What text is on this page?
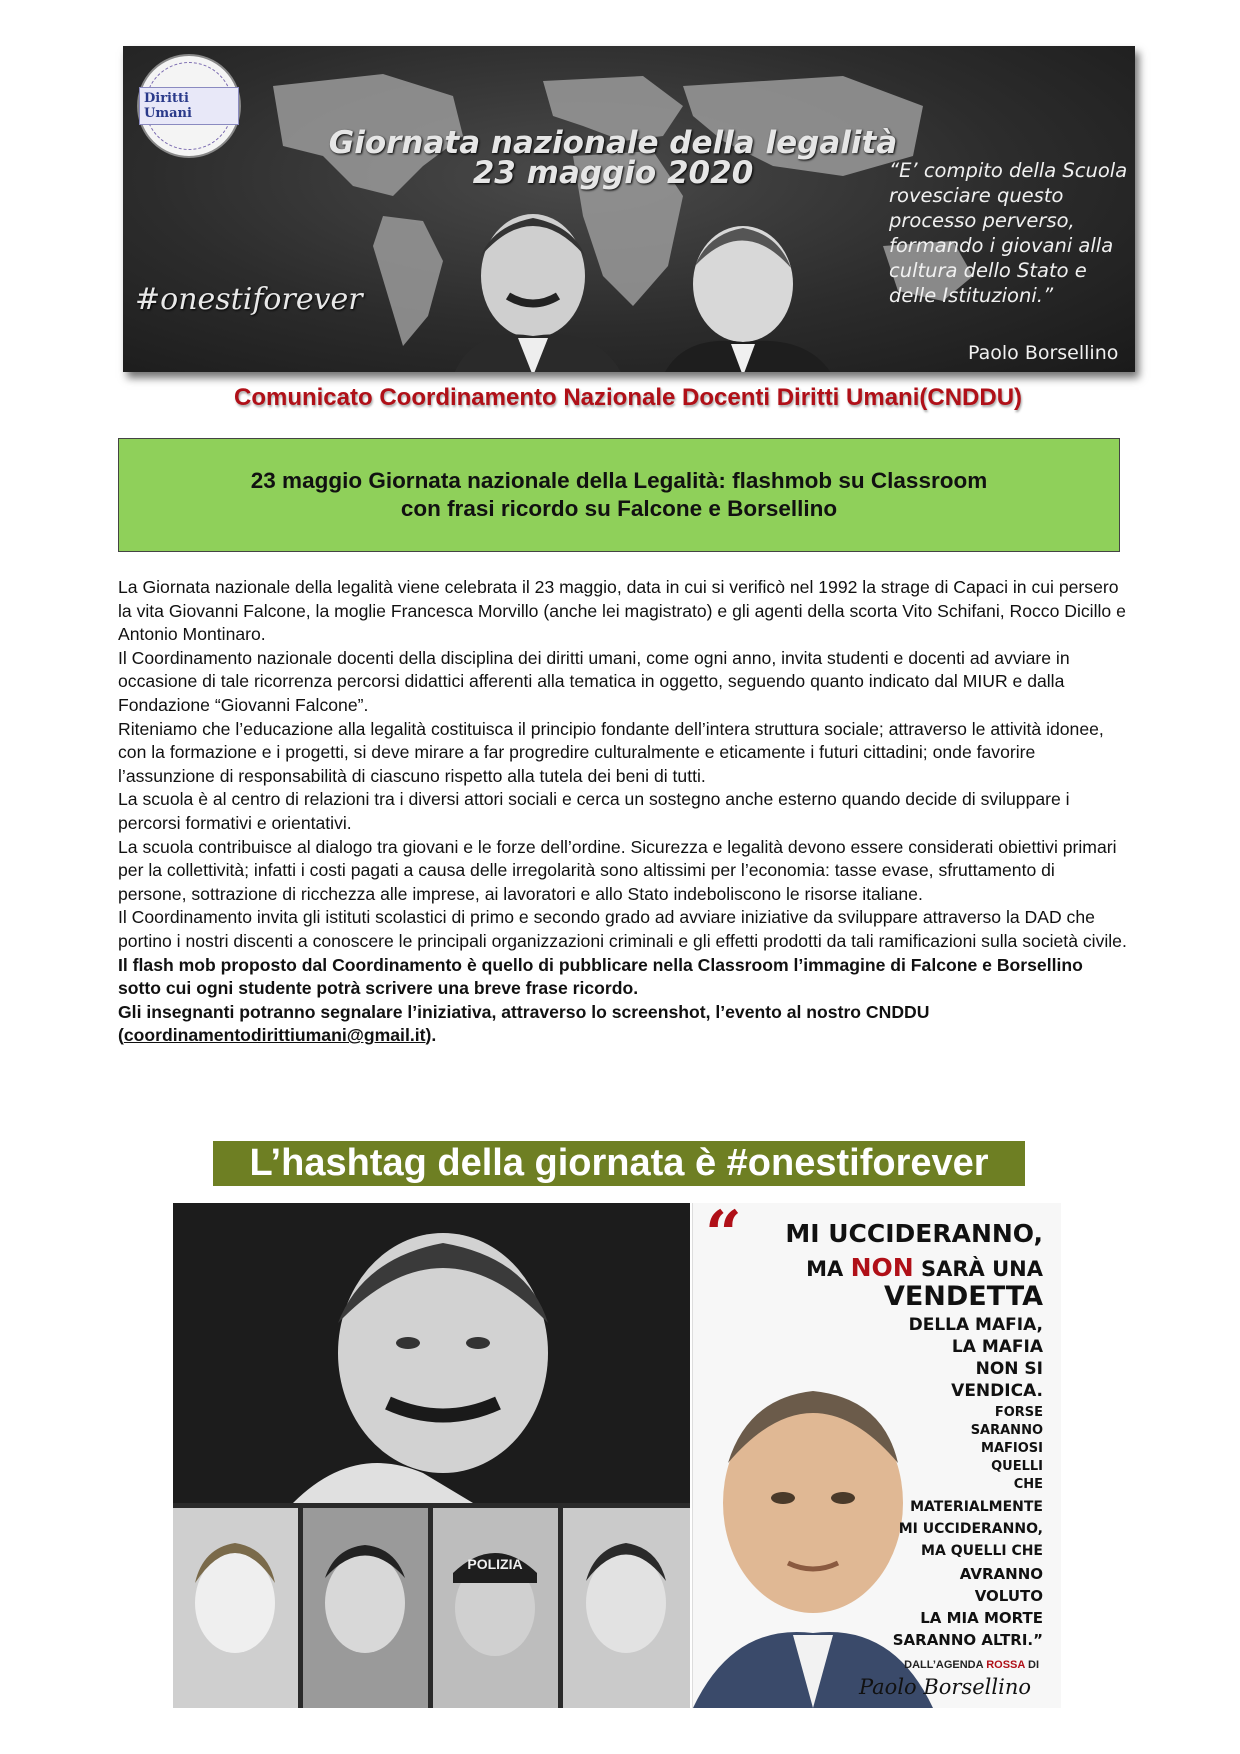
Diritti Umani
Giornata nazionale della legalità
23 maggio 2020
#onestiforever
“E’ compito della Scuola rovesciare questo processo perverso, formando i giovani alla cultura dello Stato e delle Istituzioni.”
Paolo Borsellino
Comunicato Coordinamento Nazionale Docenti Diritti Umani(CNDDU)
23 maggio Giornata nazionale della Legalità: flashmob su Classroom
con frasi ricordo su Falcone e Borsellino

La Giornata nazionale della legalità viene celebrata il 23 maggio, data in cui si verificò nel 1992 la strage di Capaci in cui persero la vita Giovanni Falcone, la moglie Francesca Morvillo (anche lei magistrato) e gli agenti della scorta Vito Schifani, Rocco Dicillo e Antonio Montinaro.

Il Coordinamento nazionale docenti della disciplina dei diritti umani, come ogni anno, invita studenti e docenti ad avviare in occasione di tale ricorrenza percorsi didattici afferenti alla tematica in oggetto, seguendo quanto indicato dal MIUR e dalla Fondazione “Giovanni Falcone”.

Riteniamo che l’educazione alla legalità costituisca il principio fondante dell’intera struttura sociale; attraverso le attività idonee, con la formazione e i progetti, si deve mirare a far progredire culturalmente e eticamente i futuri cittadini; onde favorire l’assunzione di responsabilità di ciascuno rispetto alla tutela dei beni di tutti.

La scuola è al centro di relazioni tra i diversi attori sociali e cerca un sostegno anche esterno quando decide di sviluppare i percorsi formativi e orientativi.

La scuola contribuisce al dialogo tra giovani e le forze dell’ordine. Sicurezza e legalità devono essere considerati obiettivi primari per la collettività; infatti i costi pagati a causa delle irregolarità sono altissimi per l’economia: tasse evase, sfruttamento di persone, sottrazione di ricchezza alle imprese, ai lavoratori e allo Stato indeboliscono le risorse italiane.

Il Coordinamento invita gli istituti scolastici di primo e secondo grado ad avviare iniziative da sviluppare attraverso la DAD che portino i nostri discenti a conoscere le principali organizzazioni criminali e gli effetti prodotti da tali ramificazioni sulla società civile.

Il flash mob proposto dal Coordinamento è quello di pubblicare nella Classroom l’immagine di Falcone e Borsellino sotto cui ogni studente potrà scrivere una breve frase ricordo.

Gli insegnanti potranno segnalare l’iniziativa, attraverso lo screenshot, l’evento al nostro CNDDU
(coordinamentodirittiumani@gmail.it).

L’hashtag della giornata è #onestiforever
POLIZIA
“ MI UCCIDERANNO,
MA NON SARÀ UNA
VENDETTA
DELLA MAFIA,
LA MAFIA
NON SI
VENDICA.
FORSE
SARANNO
MAFIOSI
QUELLI
CHE
MATERIALMENTE
MI UCCIDERANNO,
MA QUELLI CHE
AVRANNO
VOLUTO
LA MIA MORTE
SARANNO ALTRI.”
DALL’AGENDA ROSSA DI
Paolo Borsellino
